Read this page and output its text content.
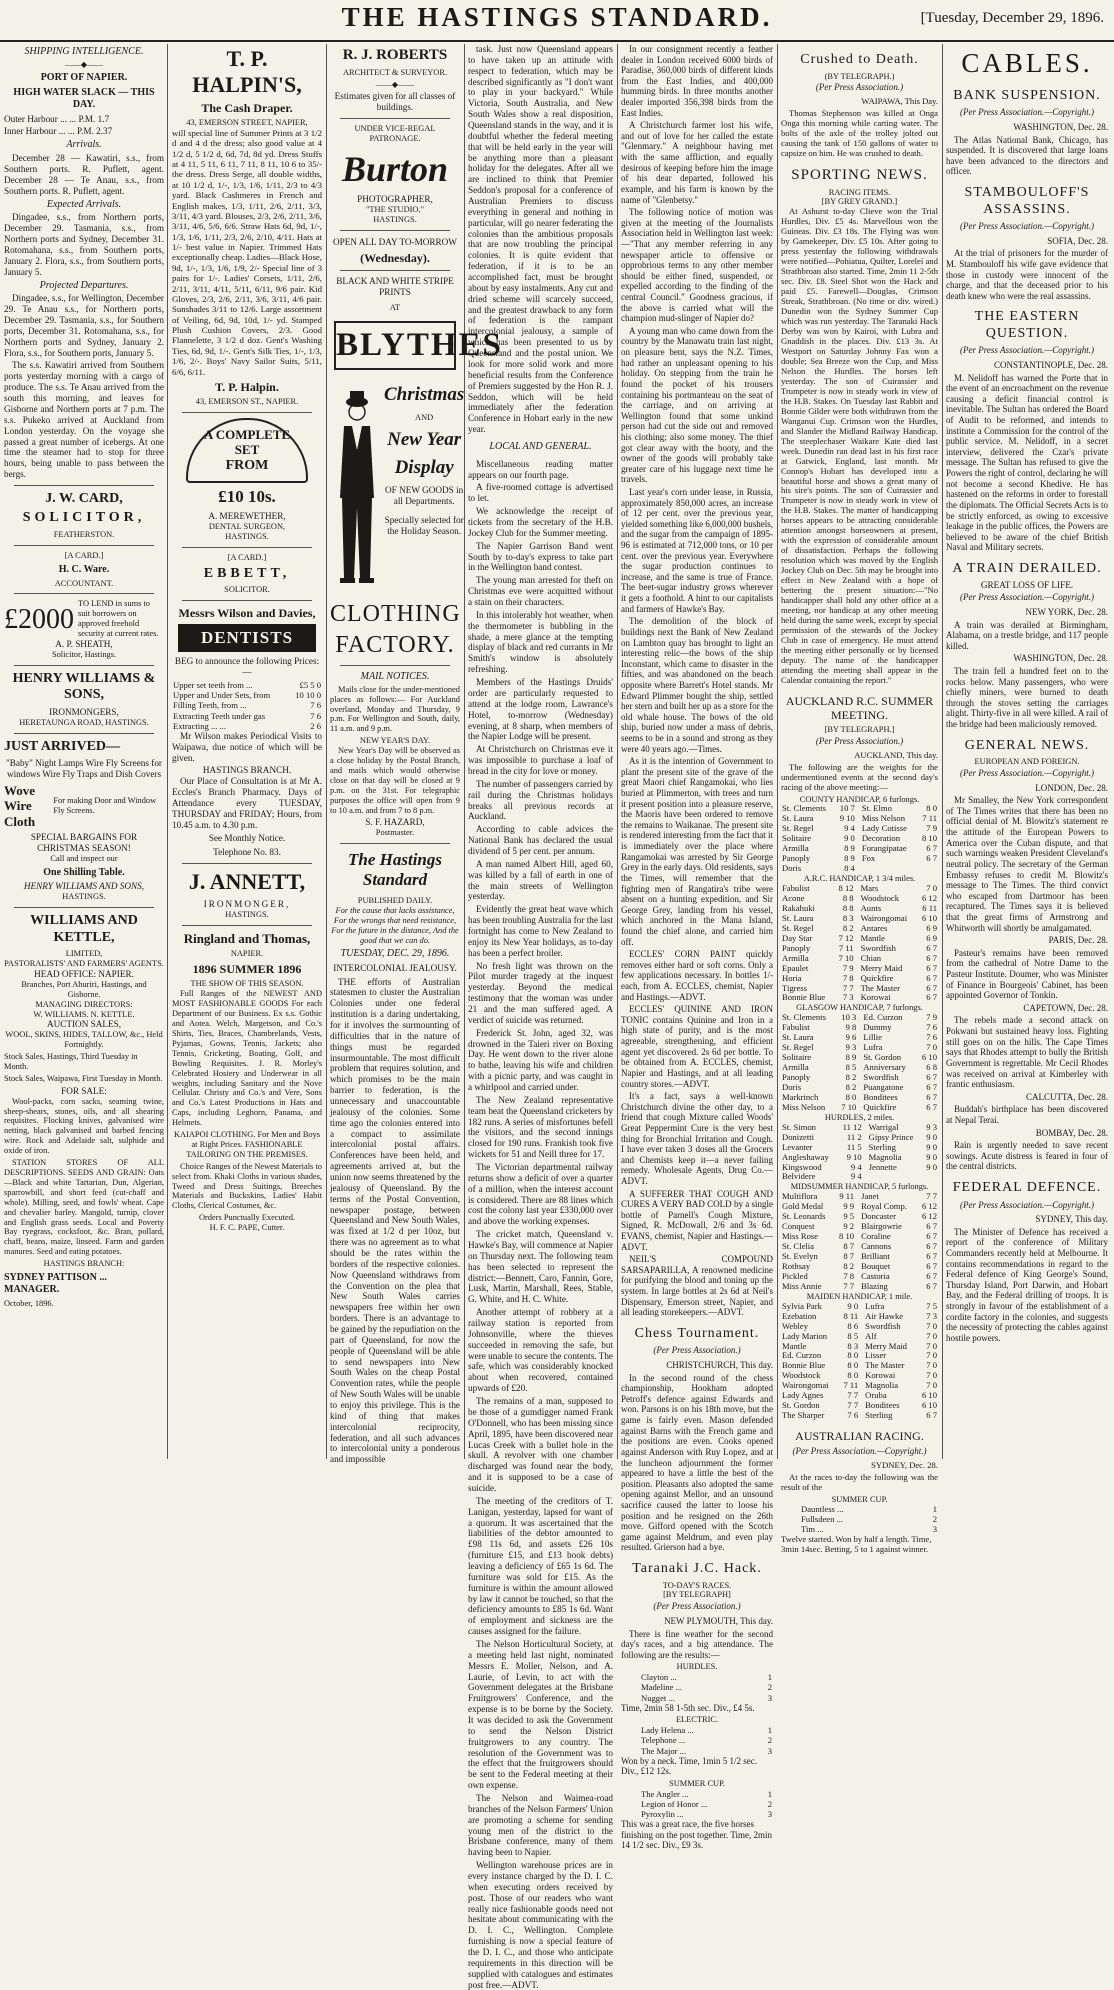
THE HASTINGS STANDARD.	[Tuesday, December 29, 1896.
SHIPPING INTELLIGENCE.
——◆——
PORT OF NAPIER.
HIGH WATER SLACK — THIS DAY.

Outer Harbour ... ... P.M. 1.7

Inner Harbour ... ... P.M. 2.37

Arrivals.

December 28 — Kawatiri, s.s., from Southern ports. R. Puflett, agent. December 28 — Te Anau, s.s., from Southern ports. R. Puflett, agent.

Expected Arrivals.

Dingadee, s.s., from Northern ports, December 29. Tasmania, s.s., from Northern ports and Sydney, December 31. Rotomahana, s.s., from Southern ports, January 2. Flora, s.s., from Southern ports, January 5.

Projected Departures.

Dingadee, s.s., for Wellington, December 29. Te Anau s.s., for Northern ports, December 29. Tasmania, s.s., for Southern ports, December 31. Rotomahana, s.s., for Northern ports and Sydney, January 2. Flora, s.s., for Southern ports, January 5.

The s.s. Kawatiri arrived from Southern ports yesterday morning with a cargo of produce. The s.s. Te Anau arrived from the south this morning, and leaves for Gisborne and Northern ports at 7 p.m. The s.s. Pukeko arrived at Auckland from London yesterday. On the voyage she passed a great number of icebergs. At one time the steamer had to stop for three hours, being unable to pass between the bergs.

J. W. CARD,
SOLICITOR,
FEATHERSTON.
[A CARD.]
H. C. Ware.
ACCOUNTANT.
£2000 TO LEND in sums to suit borrowers on approved freehold security at current rates.
A. P. SHEATH,
Solicitor, Hastings.
HENRY WILLIAMS & SONS,
IRONMONGERS,
HERETAUNGA ROAD, HASTINGS.
JUST ARRIVED—

"Baby" Night Lamps Wire Fly Screens for windows Wire Fly Traps and Dish Covers

Wove Wire Cloth
For making Door and Window Fly Screens.
SPECIAL BARGAINS FOR
CHRISTMAS SEASON!
Call and inspect our
One Shilling Table.
HENRY WILLIAMS AND SONS,
HASTINGS.
WILLIAMS AND KETTLE,
LIMITED,
PASTORALISTS' AND FARMERS' AGENTS.
HEAD OFFICE: NAPIER.
Branches, Port Ahuriri, Hastings, and Gisborne.
MANAGING DIRECTORS:
W. WILLIAMS. N. KETTLE.
AUCTION SALES,

WOOL, SKINS, HIDES, TALLOW, &c., Held Fortnightly.

Stock Sales, Hastings, Third Tuesday in Month.

Stock Sales, Waipawa, First Tuesday in Month.

FOR SALE:

Wool-packs, corn sacks, seaming twine, sheep-shears, stones, oils, and all shearing requisites. Flocking knives, galvanised wire netting, black galvanised and barbed fencing wire. Rock and Adelaide salt, sulphide and oxide of iron.

STATION STORES OF ALL DESCRIPTIONS. SEEDS AND GRAIN: Oats—Black and white Tartarian, Dun, Algerian, sparrowbill, and short feed (cut-chaff and whole). Milling, seed, and fowls' wheat. Cape and chevalier barley. Mangold, turnip, clover and English grass seeds. Local and Poverty Bay ryegrass, cocksfoot, &c. Bran, pollard, chaff, beans, maize, linseed. Farm and garden manures. Seed and eating potatoes.

HASTINGS BRANCH:
SYDNEY PATTISON ... MANAGER.
October, 1896.
T. P. HALPIN'S,
The Cash Draper.
43, EMERSON STREET, NAPIER,

will special line of Summer Prints at 3 1/2 d and 4 d the dress; also good value at 4 1/2 d, 5 1/2 d, 6d, 7d, 8d yd. Dress Stuffs at 4 11, 5 11, 6 11, 7 11, 8 11, 10 6 to 35/- the dress. Dress Serge, all double widths, at 10 1/2 d, 1/-, 1/3, 1/6, 1/11, 2/3 to 4/3 yard. Black Cashmeres in French and English makes, 1/3, 1/11, 2/6, 2/11, 3/3, 3/11, 4/3 yard. Blouses, 2/3, 2/6, 2/11, 3/6, 3/11, 4/6, 5/6, 6/6. Straw Hats 6d, 9d, 1/-, 1/3, 1/6, 1/11, 2/3, 2/6, 2/10, 4/11. Hats at 1/- best value in Napier. Trimmed Hats exceptionally cheap. Ladies—Black Hose, 9d, 1/-, 1/3, 1/6, 1/9, 2/- Special line of 3 pairs for 1/-. Ladies' Corsets, 1/11, 2/6, 2/11, 3/11, 4/11, 5/11, 6/11, 9/6 pair. Kid Gloves, 2/3, 2/6, 2/11, 3/6, 3/11, 4/6 pair. Sunshades 3/11 to 12/6. Large assortment of Veiling, 6d, 9d, 10d, 1/- yd. Stamped Plush Cushion Covers, 2/3. Good Flannelette, 3 1/2 d doz. Gent's Washing Ties, 6d, 9d, 1/-. Gent's Silk Ties, 1/-, 1/3, 1/6, 2/-. Boys' Navy Sailor Suits, 5/11, 6/6, 6/11.

T. P. Halpin.
43, EMERSON ST., NAPIER.
A COMPLETE SET
FROM
£10 10s.
A. MEREWETHER,
DENTAL SURGEON,
HASTINGS.
[A CARD.]
EBBETT,
SOLICITOR.
Messrs Wilson and Davies,
DENTISTS

BEG to announce the following Prices:—

Upper set teeth from ...	£5 5 0
Upper and Under Sets, from	10 10 0
Filling Teeth, from ...	7 6
Extracting Teeth under gas	7 6
Extracting ... ...	2 6

Mr Wilson makes Periodical Visits to Waipawa, due notice of which will be given.

HASTINGS BRANCH.

Our Place of Consultation is at Mr A. Eccles's Branch Pharmacy. Days of Attendance every TUESDAY, THURSDAY and FRIDAY; Hours, from 10.45 a.m. to 4.30 p.m.

See Monthly Notice.
Telephone No. 83.
J. ANNETT,
IRONMONGER,
HASTINGS.
Ringland and Thomas,
NAPIER.
1896 SUMMER 1896
THE SHOW OF THIS SEASON.

Full Ranges of the NEWEST AND MOST FASHIONABLE GOODS For each Department of our Business. Ex s.s. Gothic and Aotea. Welch, Margetson, and Co.'s Shirts, Ties, Braces, Chambrelands, Vests, Pyjamas, Gowns, Tennis, Jackets; also Tennis, Cricketing, Boating, Golf, and Bowling Requisites. J. R. Morley's Celebrated Hosiery and Underwear in all weights, including Sanitary and the Nove Cellular. Christy and Co.'s and Vere, Sons and Co.'s Latest Productions in Hats and Caps, including Leghorn, Panama, and Helmets.

KAIAPOI CLOTHING. For Men and Boys at Right Prices. FASHIONABLE TAILORING ON THE PREMISES.

Choice Ranges of the Newest Materials to select from. Khaki Cloths in various shades, Tweed and Dress Suitings, Breeches Materials and Buckskins, Ladies' Habit Cloths, Clerical Costumes, &c.

Orders Punctually Executed.
H. F. C. PAPE, Cutter.
R. J. ROBERTS
ARCHITECT & SURVEYOR.
——◆——

Estimates given for all classes of buildings.

UNDER VICE-REGAL PATRONAGE.
Burton
PHOTOGRAPHER,
"THE STUDIO,"
HASTINGS.
OPEN ALL DAY TO-MORROW
(Wednesday).
BLACK AND WHITE STRIPE PRINTS
AT
BLYTHES
Christmas
AND
New Year
Display

OF NEW GOODS in all Departments.

Specially selected for the Holiday Season.

CLOTHING
FACTORY.
MAIL NOTICES.

Mails close for the under-mentioned places as follows:— For Auckland overland, Monday and Thursday, 9 p.m. For Wellington and South, daily, 11 a.m. and 9 p.m.

NEW YEAR'S DAY.

New Year's Day will be observed as a close holiday by the Postal Branch, and mails which would otherwise close on that day will be closed at 9 p.m. on the 31st. For telegraphic purposes the office will open from 9 to 10 a.m. and from 7 to 8 p.m.

S. F. HAZARD,
Postmaster.
The Hastings Standard
PUBLISHED DAILY.

For the cause that lacks assistance, For the wrongs that need resistance, For the future in the distance, And the good that we can do.

TUESDAY, DEC. 29, 1896.
INTERCOLONIAL JEALOUSY.

THE efforts of Australian statesmen to cluster the Australian Colonies under one federal institution is a daring undertaking, for it involves the surmounting of difficulties that in the nature of things must be regarded insurmountable. The most difficult problem that requires solution, and which promises to be the main barrier to federation, is the unnecessary and unaccountable jealousy of the colonies. Some time ago the colonies entered into a compact to assimilate intercolonial postal affairs. Conferences have been held, and agreements arrived at, but the union now seems threatened by the jealousy of Queensland. By the terms of the Postal Convention, newspaper postage, between Queensland and New South Wales, was fixed at 1/2 d per 10oz, but there was no agreement as to what should be the rates within the borders of the respective colonies. Now Queensland withdraws from the Convention on the plea that New South Wales carries newspapers free within her own borders. There is an advantage to be gained by the repudiation on the part of Queensland, for now the people of Queensland will be able to send newspapers into New South Wales on the cheap Postal Convention rates, while the people of New South Wales will be unable to enjoy this privilege. This is the kind of thing that makes intercolonial reciprocity, federation, and all such advances to intercolonial unity a ponderous and impossible

task. Just now Queensland appears to have taken up an attitude with respect to federation, which may be described significantly as "I don't want to play in your backyard." While Victoria, South Australia, and New South Wales show a real disposition, Queensland stands in the way, and it is doubtful whether the federal meeting that will be held early in the year will be anything more than a pleasant holiday for the delegates. After all we are inclined to think that Premier Seddon's proposal for a conference of Australian Premiers to discuss everything in general and nothing in particular, will go nearer federating the colonies than the ambitious proposals that are now troubling the principal colonies. It is quite evident that federation, if it is to be an accomplished fact, must be brought about by easy instalments. Any cut and dried scheme will scarcely succeed, and the greatest drawback to any form of federation is the rampant intercolonial jealousy, a sample of which has been presented to us by Queensland and the postal union. We look for more solid work and more beneficial results from the Conference of Premiers suggested by the Hon R. J. Seddon, which will be held immediately after the federation Conference in Hobart early in the new year.

LOCAL AND GENERAL.

Miscellaneous reading matter appears on our fourth page.

A five-roomed cottage is advertised to let.

We acknowledge the receipt of tickets from the secretary of the H.B. Jockey Club for the Summer meeting.

The Napier Garrison Band went South by to-day's express to take part in the Wellington band contest.

The young man arrested for theft on Christmas eve were acquitted without a stain on their characters.

In this intolerably hot weather, when the thermometer is bubbling in the shade, a mere glance at the tempting display of black and red currants in Mr Smith's window is absolutely refreshing.

Members of the Hastings Druids' order are particularly requested to attend at the lodge room, Lawrance's Hotel, to-morrow (Wednesday) evening, at 8 sharp, when members of the Napier Lodge will be present.

At Christchurch on Christmas eve it was impossible to purchase a loaf of bread in the city for love or money.

The number of passengers carried by rail during the Christmas holidays breaks all previous records at Auckland.

According to cable advices the National Bank has declared the usual dividend of 5 per cent. per annum.

A man named Albert Hill, aged 60, was killed by a fall of earth in one of the main streets of Wellington yesterday.

Evidently the great heat wave which has been troubling Australia for the last fortnight has come to New Zealand to enjoy its New Year holidays, as to-day has been a perfect broiler.

No fresh light was thrown on the Pilot murder tragedy at the inquest yesterday. Beyond the medical testimony that the woman was under 21 and the man suffered aged. A verdict of suicide was returned.

Frederick St. John, aged 32, was drowned in the Taieri river on Boxing Day. He went down to the river alone to bathe, leaving his wife and children with a picnic party, and was caught in a whirlpool and carried under.

The New Zealand representative team beat the Queensland cricketers by 182 runs. A series of misfortunes befell the visitors, and the second innings closed for 190 runs. Frankish took five wickets for 51 and Neill three for 17.

The Victorian departmental railway returns show a deficit of over a quarter of a million, when the interest account is considered. There are 88 lines which cost the colony last year £330,000 over and above the working expenses.

The cricket match, Queensland v. Hawke's Bay, will commence at Napier on Thursday next. The following team has been selected to represent the district:—Bennett, Caro, Fannin, Gore, Lusk, Martin, Marshall, Rees, Stable, G. White, and H. C. White.

Another attempt of robbery at a railway station is reported from Johnsonville, where the thieves succeeded in removing the safe, but were unable to secure the contents. The safe, which was considerably knocked about when recovered, contained upwards of £20.

The remains of a man, supposed to be those of a gumdigger named Frank O'Donnell, who has been missing since April, 1895, have been discovered near Lucas Creek with a bullet hole in the skull. A revolver with one chamber discharged was found near the body, and it is supposed to be a case of suicide.

The meeting of the creditors of T. Lanigan, yesterday, lapsed for want of a quorum. It was ascertained that the liabilities of the debtor amounted to £98 11s 6d, and assets £26 10s (furniture £15, and £13 book debts) leaving a deficiency of £65 1s 6d. The furniture was sold for £15. As the furniture is within the amount allowed by law it cannot be touched, so that the deficiency amounts to £85 1s 6d. Want of employment and sickness are the causes assigned for the failure.

The Nelson Horticultural Society, at a meeting held last night, nominated Messrs E. Moller, Nelson, and A. Laurie, of Levin, to act with the Government delegates at the Brisbane Fruitgrowers' Conference, and the expense is to be borne by the Society. It was decided to ask the Government to send the Nelson District fruitgrowers to any country. The resolution of the Government was to the effect that the fruitgrowers should be sent to the Federal meeting at their own expense.

The Nelson and Waimea-road branches of the Nelson Farmers' Union are promoting a scheme for sending young men of the district to the Brisbane conference, many of them having been to Napier.

Wellington warehouse prices are in every instance charged by the D. I. C. when executing orders received by post. Those of our readers who want really nice fashionable goods need not hesitate about communicating with the D. I. C., Wellington. Complete furnishing is now a special feature of the D. I. C., and those who anticipate requirements in this direction will be supplied with catalogues and estimates post free.—ADVT.

In our consignment recently a feather dealer in London received 6000 birds of Paradise, 360,000 birds of different kinds from the East Indies, and 400,000 humming birds. In three months another dealer imported 356,398 birds from the East Indies.

A Christchurch farmer lost his wife, and out of love for her called the estate "Glenmary." A neighbour having met with the same affliction, and equally desirous of keeping before him the image of his dear departed, followed his example, and his farm is known by the name of "Glenbetsy."

The following notice of motion was given at the meeting of the Journalists Association held in Wellington last week:—"That any member referring in any newspaper article to offensive or opprobrious terms to any other member should be either fined, suspended, or expelled according to the finding of the central Council." Goodness gracious, if the above is carried what will the champion mud-slinger of Napier do?

A young man who came down from the country by the Manawatu train last night, on pleasure bent, says the N.Z. Times, had rather an unpleasant opening to his holiday. On stepping from the train he found the pocket of his trousers containing his portmanteau on the seat of the carriage, and on arriving at Wellington found that some unkind person had cut the side out and removed his clothing; also some money. The thief got clear away with the booty, and the owner of the goods will probably take greater care of his luggage next time he travels.

Last year's corn under lease, in Russia, approximately 850,000 acres, an increase of 12 per cent. over the previous year, yielded something like 6,000,000 bushels, and the sugar from the campaign of 1895-96 is estimated at 712,000 tons, or 10 per cent. over the previous year. Everywhere the sugar production continues to increase, and the same is true of France. The beet-sugar industry grows wherever it gets a foothold. A hint to our capitalists and farmers of Hawke's Bay.

The demolition of the block of buildings next the Bank of New Zealand on Lambton quay has brought to light an interesting relic—the bows of the ship Inconstant, which came to disaster in the fifties, and was abandoned on the beach opposite where Barrett's Hotel stands. Mr Edward Plimmer bought the ship, settled her stern and built her up as a store for the old whale house. The bows of the old ship, buried now under a mass of debris, seems to be in a sound and strong as they were 40 years ago.—Times.

As it is the intention of Government to plant the present site of the grave of the great Maori chief Rangamokai, who lies buried at Plimmerton, with trees and turn it present position into a pleasure reserve, the Maoris have been ordered to remove the remains to Waikanae. The present site is rendered interesting from the fact that it is immediately over the place where Rangamokai was arrested by Sir George Grey in the early days. Old residents, says the Times, will remember that the fighting men of Rangatira's tribe were absent on a hunting expedition, and Sir George Grey, landing from his vessel, which anchored in the Mana Island, found the chief alone, and carried him off.

ECCLES' CORN PAINT quickly removes either hard or soft corns. Only a few applications necessary. In bottles 1/- each, from A. ECCLES, chemist, Napier and Hastings.—ADVT.

ECCLES' QUININE AND IRON TONIC contains Quinine and Iron in a high state of purity, and is the most agreeable, strengthening, and efficient agent yet discovered. 2s 6d per bottle. To be obtained from A. ECCLES, chemist, Napier and Hastings, and at all leading country stores.—ADVT.

It's a fact, says a well-known Christchurch divine the other day, to a friend that cough Mixture called Woods' Great Peppermint Cure is the very best thing for Bronchial Irritation and Cough. I have ever taken 3 doses all the Grocers and Chemists keep it—a never failing remedy. Wholesale Agents, Drug Co.—ADVT.

A SUFFERER THAT COUGH AND CURES A VERY BAD COLD by a single bottle of Parnell's Cough Mixture, Signed, R. McDowall, 2/6 and 3s 6d. EVANS, chemist, Napier and Hastings.—ADVT.

NEIL'S COMPOUND SARSAPARILLA, A renowned medicine for purifying the blood and toning up the system. In large bottles at 2s 6d at Neil's Dispensary, Emerson street, Napier, and all leading storekeepers.—ADVT.

Chess Tournament.
(Per Press Association.)

CHRISTCHURCH, This day.

In the second round of the chess championship, Hookham adopted Petroff's defence against Edwards and won. Parsons is on his 18th move, but the game is fairly even. Mason defended against Barns with the French game and the positions are even. Cooks opened against Anderson with Ruy Lopez, and at the luncheon adjournment the former appeared to have a little the best of the position. Pleasants also adopted the same opening against Mellor, and an unsound sacrifice caused the latter to loose his position and he resigned on the 26th move. Gifford opened with the Scotch game against Meldrum, and even play resulted. Grierson had a bye.

Taranaki J.C. Hack.
TO-DAY'S RACES.
[BY TELEGRAPH]
(Per Press Association.)

NEW PLYMOUTH, This day.

There is fine weather for the second day's races, and a big attendance. The following are the results:—

HURDLES.
Clayton ...	1
Madeline ...	2
Nugget ...	3

Time, 2min 58 1-5th sec. Div., £4 5s.

ELECTRIC.
Lady Helena ...	1
Telephone ...	2
The Major ...	3

Won by a neck. Time, 1min 5 1/2 sec. Div., £12 12s.

SUMMER CUP.
The Angler ...	1
Legion of Honor ...	2
Pyroxylin ...	3

This was a great race, the five horses finishing on the post together. Time, 2min 14 1/2 sec. Div., £9 3s.

Crushed to Death.
(BY TELEGRAPH.)
(Per Press Association.)

WAIPAWA, This Day.

Thomas Stephenson was killed at Onga Onga this morning while carting water. The bolts of the axle of the trolley jolted out causing the tank of 150 gallons of water to capsize on him. He was crushed to death.

SPORTING NEWS.
RACING ITEMS.
[BY GREY GRAND.]

At Ashurst to-day Clieve won the Trial Hurdles, Div. £5 4s. Marvellous won the Guineas. Div. £3 18s. The Flying was won by Gamekeeper, Div. £5 10s. After going to press yesterday the following withdrawals were notified—Pohiatua, Quilter, Loreleí and Strathbroan also started. Time, 2min 11 2-5th sec. Div. £8. Steel Shot won the Hack and paid £5. Farewell—Douglas, Crimson Streak, Strathbroan. (No time or div. wired.) Dunedin won the Sydney Summer Cup which was run yesterday. The Taranaki Hack Derby was won by Kairoi, with Lubra and Gnaddish in the places. Div. £13 3s. At Westport on Saturday Johnny Fax won a double; Sea Breeze won the Cup, and Miss Nelson the Hurdles. The horses left yesterday. The son of Cuirassier and Trumpeter is now in steady work in view of the H.B. Stakes. On Tuesday last Rabbit and Bonnie Gilder were both withdrawn from the Wanganui Cup. Crimson won the Hurdles, and Slander the Midland Railway Handicap. The steeplechaser Waikare Kate died last week. Dunedin ran dead last in his first race at Gatwick, England, last month. Mr Connop's Hobart has developed into a beautiful horse and shows a great many of his sire's points. The son of Cuirassier and Trumpeter is now in steady work in view of the H.B. Stakes. The matter of handicapping horses appears to be attracting considerable attention amongst horseowners at present, with the expression of considerable amount of dissatisfaction. Perhaps the following resolution which was moved by the English Jockey Club on Dec. 5th may be brought into effect in New Zealand with a hope of bettering the present situation:—"No handicapper shall hold any other office at a meeting, nor handicap at any other meeting held during the same week, except by special permission of the stewards of the Jockey Club in case of emergency. He must attend the meeting either personally or by licensed deputy. The name of the handicapper attending the meeting shall appear in the Calendar containing the report."

AUCKLAND R.C. SUMMER MEETING.
[BY TELEGRAPH.]
(Per Press Association.)

AUCKLAND, This day.

The following are the weights for the undermentioned events at the second day's racing of the above meeting:—

COUNTY HANDICAP, 6 furlongs.
St. Clements	10 7	St. Elmo	8 0
St. Laura	9 10	Miss Nelson	7 11
St. Regel	9 4	Lady Cotisse	7 9
Solitaire	9 0	Decoration	8 10
Armilla	8 9	Forangipatae	6 7
Panoply	8 9	Fox	6 7
Doris	8 4		
A.R.C. HANDICAP, 1 3/4 miles.
Fabulist	8 12	Mars	7 0
Acone	8 8	Woodstock	6 12
Rakahuki	8 8	Aunts	6 11
St. Laura	8 3	Wairongomai	6 10
St. Regel	8 2	Antares	6 9
Day Star	7 12	Mantle	6 9
Panoply	7 11	Swordfish	6 7
Armilla	7 10	Chian	6 7
Epaulet	7 9	Merry Maid	6 7
Horia	7 8	Quickfire	6 7
Tigress	7 7	The Master	6 7
Bonnie Blue	7 3	Korowai	6 7
GLASGOW HANDICAP, 7 furlongs.
St. Clements	10 3	Ed. Curzon	7 9
Fabulist	9 8	Dummy	7 6
St. Laura	9 6	Lillie	7 6
St. Regel	9 3	Lufra	7 0
Solitaire	8 9	St. Gordon	6 10
Armilla	8 5	Anniversary	6 8
Panoply	8 2	Swordfish	6 7
Doris	8 2	Puangatone	6 7
Markrinch	8 0	Bonditees	6 7
Miss Nelson	7 10	Quickfire	6 7
HURDLES, 2 miles.
St. Simon	11 12	Warrigal	9 3
Donizetti	11 2	Gipsy Prince	9 0
Levanter	11 5	Sterling	9 0
Angleshaway	9 10	Magnolia	9 0
Kingswood	9 4	Jennette	9 0
Belvidere	9 4		
MIDSUMMER HANDICAP, 5 furlongs.
Multiflora	9 11	Janet	7 7
Gold Medal	9 9	Royal Comp.	6 12
St. Leonards	9 5	Doncaster	6 12
Conquest	9 2	Blairgowrie	6 7
Miss Rose	8 10	Coraline	6 7
St. Clelia	8 7	Cannons	6 7
St. Evelyn	8 7	Brilliant	6 7
Rothsay	8 2	Bouquet	6 7
Pickled	7 8	Castoria	6 7
Miss Annie	7 7	Blazing	6 7
MAIDEN HANDICAP, 1 mile.
Sylvia Park	9 0	Lufra	7 5
Ezebation	8 11	Air Hawke	7 3
Webley	8 6	Swordfish	7 0
Lady Marion	8 5	Alf	7 0
Mantle	8 3	Merry Maid	7 0
Ed. Curzon	8 0	Lisser	7 0
Bonnie Blue	8 0	The Master	7 0
Woodstock	8 0	Korowai	7 0
Wairongomai	7 11	Magnolia	7 0
Lady Agnes	7 7	Oruba	6 10
St. Gordon	7 7	Bonditees	6 10
The Sharper	7 6	Sterling	6 7
AUSTRALIAN RACING.
(Per Press Association.—Copyright.)

SYDNEY, Dec. 28.

At the races to-day the following was the result of the

SUMMER CUP.
Dauntless ...	1
Fullsdeen ...	2
Tim ...	3

Twelve started. Won by half a length. Time, 3min 14sec. Betting, 5 to 1 against winner.

CABLES.
BANK SUSPENSION.
(Per Press Association.—Copyright.)

WASHINGTON, Dec. 28.

The Atlas National Bank, Chicago, has suspended. It is discovered that large loans have been advanced to the directors and officer.

STAMBOULOFF'S ASSASSINS.
(Per Press Association.—Copyright.)

SOFIA, Dec. 28.

At the trial of prisoners for the murder of M. Stambouloff his wife gave evidence that those in custody were innocent of the charge, and that the deceased prior to his death knew who were the real assassins.

THE EASTERN QUESTION.
(Per Press Association.—Copyright.)

CONSTANTINOPLE, Dec. 28.

M. Nelidoff has warned the Porte that in the event of an encroachment on the revenue causing a deficit financial control is inevitable. The Sultan has ordered the Board of Audit to be reformed, and intends to institute a Commission for the control of the public service. M. Nelidoff, in a secret interview, delivered the Czar's private message. The Sultan has refused to give the Powers the right of control, declaring he will not become a second Khedive. He has hastened on the reforms in order to forestall the diplomats. The Official Secrets Acts is to be strictly enforced, as owing to excessive leakage in the public offices, the Powers are believed to be aware of the chief British Naval and Military secrets.

A TRAIN DERAILED.
GREAT LOSS OF LIFE.
(Per Press Association.—Copyright.)

NEW YORK, Dec. 28.

A train was derailed at Birmingham, Alabama, on a trestle bridge, and 117 people killed.

WASHINGTON, Dec. 28.

The train fell a hundred feet on to the rocks below. Many passengers, who were chiefly miners, were burned to death through the stoves setting the carriages alight. Thirty-five in all were killed. A rail of the bridge had been maliciously removed.

GENERAL NEWS.
EUROPEAN AND FOREIGN.
(Per Press Association.—Copyright.)

LONDON, Dec. 28.

Mr Smalley, the New York correspondent of The Times writes that there has been no official denial of M. Blowitz's statement re the attitude of the European Powers to America over the Cuban dispute, and that such warnings weaken President Cleveland's neutral policy. The secretary of the German Embassy refuses to credit M. Blowitz's message to The Times. The third convict who escaped from Dartmoor has been recaptured. The Times says it is believed that the great firms of Armstrong and Whitworth will shortly be amalgamated.

PARIS, Dec. 28.

Pasteur's remains have been removed from the cathedral of Notre Dame to the Pasteur Institute. Doumer, who was Minister of Finance in Bourgeois' Cabinet, has been appointed Governor of Tonkin.

CAPETOWN, Dec. 28.

The rebels made a second attack on Pokwani but sustained heavy loss. Fighting still goes on on the hills. The Cape Times says that Rhodes attempt to bully the British Government is regrettable. Mr Cecil Rhodes was received on arrival at Kimberley with frantic enthusiasm.

CALCUTTA, Dec. 28.

Buddah's birthplace has been discovered at Nepal Terai.

BOMBAY, Dec. 28.

Rain is urgently needed to save recent sowings. Acute distress is feared in four of the central districts.

FEDERAL DEFENCE.
(Per Press Association.—Copyright.)

SYDNEY, This day.

The Minister of Defence has received a report of the conference of Military Commanders recently held at Melbourne. It contains recommendations in regard to the Federal defence of King George's Sound, Thursday Island, Port Darwin, and Hobart Bay, and the Federal drilling of troops. It is strongly in favour of the establishment of a cordite factory in the colonies, and suggests the necessity of protecting the cables against hostile powers.
